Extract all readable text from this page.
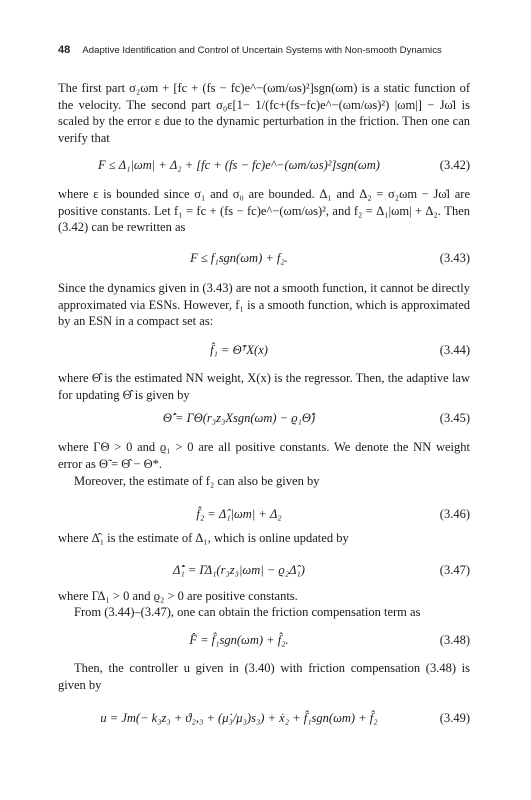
48 Adaptive Identification and Control of Uncertain Systems with Non-smooth Dynamics

The first part σ₂ωm + [fc + (fs − fc)e^−(ωm/ωs)²]sgn(ωm) is a static function of the velocity. The second part σ₀ε[1− 1/(fc+(fs−fc)e^−(ωm/ωs)²) |ωm|] − Jω̇l is scaled by the error ε due to the dynamic perturbation in the friction. Then one can verify that

F ≤ Δ₁|ωm| + Δ₂ + [fc + (fs − fc)e^−(ωm/ωs)²]sgn(ωm)	(3.42)

where ε is bounded since σ₁ and σ₀ are bounded. Δ₁ and Δ₂ = σ₂ωm − Jω̇l are positive constants. Let f₁ = fc + (fs − fc)e^−(ωm/ωs)², and f₂ = Δ₁|ωm| + Δ₂. Then (3.42) can be rewritten as

F ≤ f₁sgn(ωm) + f₂.	(3.43)

Since the dynamics given in (3.43) are not a smooth function, it cannot be directly approximated via ESNs. However, f₁ is a smooth function, which is approximated by an ESN in a compact set as:

f̂₁ = Θ̂ᵀX(x)	(3.44)

where Θ̂ is the estimated NN weight, X(x) is the regressor. Then, the adaptive law for updating Θ̂ is given by

Θ̂̇ = ΓΘ(r₃z₃Xsgn(ωm) − ϱ₁Θ̂)	(3.45)

where ΓΘ > 0 and ϱ₁ > 0 are all positive constants. We denote the NN weight error as Θ̃ = Θ̂ − Θ*.

Moreover, the estimate of f₂ can also be given by

f̂₂ = Δ̂₁|ωm| + Δ₂	(3.46)

where Δ̂₁ is the estimate of Δ₁, which is online updated by

Δ̂̇₁ = ΓΔ₁(r₃z₃|ωm| − ϱ₂Δ̂₁)	(3.47)

where ΓΔ₁ > 0 and ϱ₂ > 0 are positive constants.

From (3.44)–(3.47), one can obtain the friction compensation term as

F̂ = f̂₁sgn(ωm) + f̂₂.	(3.48)

Then, the controller u given in (3.40) with friction compensation (3.48) is given by

u = Jm(− k₃z₃ + ϑ₂,₃ + (μ̇₃/μ₃)s₃) + ẋ₂ + f̂₁sgn(ωm) + f̂₂	(3.49)
